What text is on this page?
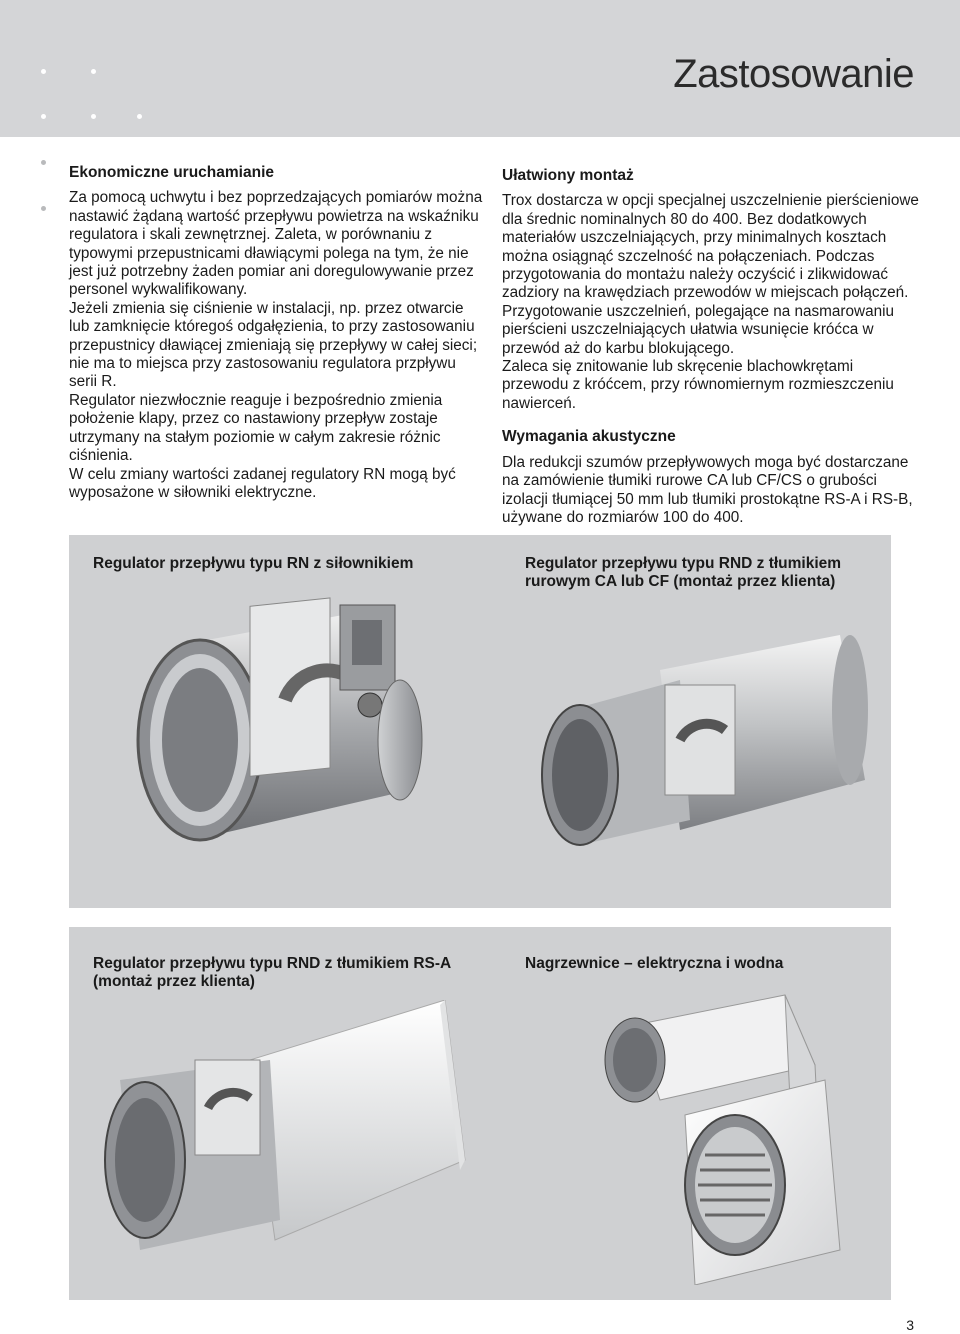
Zastosowanie
Ekonomiczne uruchamianie

Za pomocą uchwytu i bez poprzedzających pomiarów można nastawić żądaną wartość przepływu powietrza na wskaźniku regulatora i skali zewnętrznej. Zaleta, w porównaniu z typowymi przepustnicami dławiącymi polega na tym, że nie jest już potrzebny żaden pomiar ani doregulowywanie przez personel wykwalifikowany.

Jeżeli zmienia się ciśnienie w instalacji, np. przez otwarcie lub zamknięcie któregoś odgałęzienia, to przy zastosowaniu przepustnicy dławiącej zmieniają się przepływy w całej sieci; nie ma to miejsca przy zastosowaniu regulatora przpływu serii R.

Regulator niezwłocznie reaguje i bezpośrednio zmienia położenie klapy, przez co nastawiony przepływ zostaje utrzymany na stałym poziomie w całym zakresie różnic ciśnienia.

W celu zmiany wartości zadanej regulatory RN mogą być wyposażone w siłowniki elektryczne.

Ułatwiony montaż

Trox dostarcza w opcji specjalnej uszczelnienie pierścieniowe dla średnic nominalnych 80 do 400. Bez dodatkowych materiałów uszczelniających, przy minimalnych kosztach można osiągnąć szczelność na połączeniach. Podczas przygotowania do montażu należy oczyścić i zlikwidować zadziory na krawędziach przewodów w miejscach połączeń. Przygotowanie uszczelnień, polegające na nasmarowaniu pierścieni uszczelniających ułatwia wsunięcie króćca w przewód aż do karbu blokującego.

Zaleca się znitowanie lub skręcenie blachowkrętami przewodu z króćcem, przy równomiernym rozmieszczeniu nawierceń.

Wymagania akustyczne

Dla redukcji szumów przepływowych moga być dostarczane na zamówienie tłumiki rurowe CA lub CF/CS o grubości izolacji tłumiącej 50 mm lub tłumiki prostokątne RS-A i RS-B, używane do rozmiarów 100 do 400.

Regulator przepływu typu RN z siłownikiem	Regulator przepływu typu RND z tłumikiem rurowym CA lub CF (montaż przez klienta)
Regulator przepływu typu RND z tłumikiem RS-A (montaż przez klienta)
Nagrzewnice – elektryczna i wodna
3
